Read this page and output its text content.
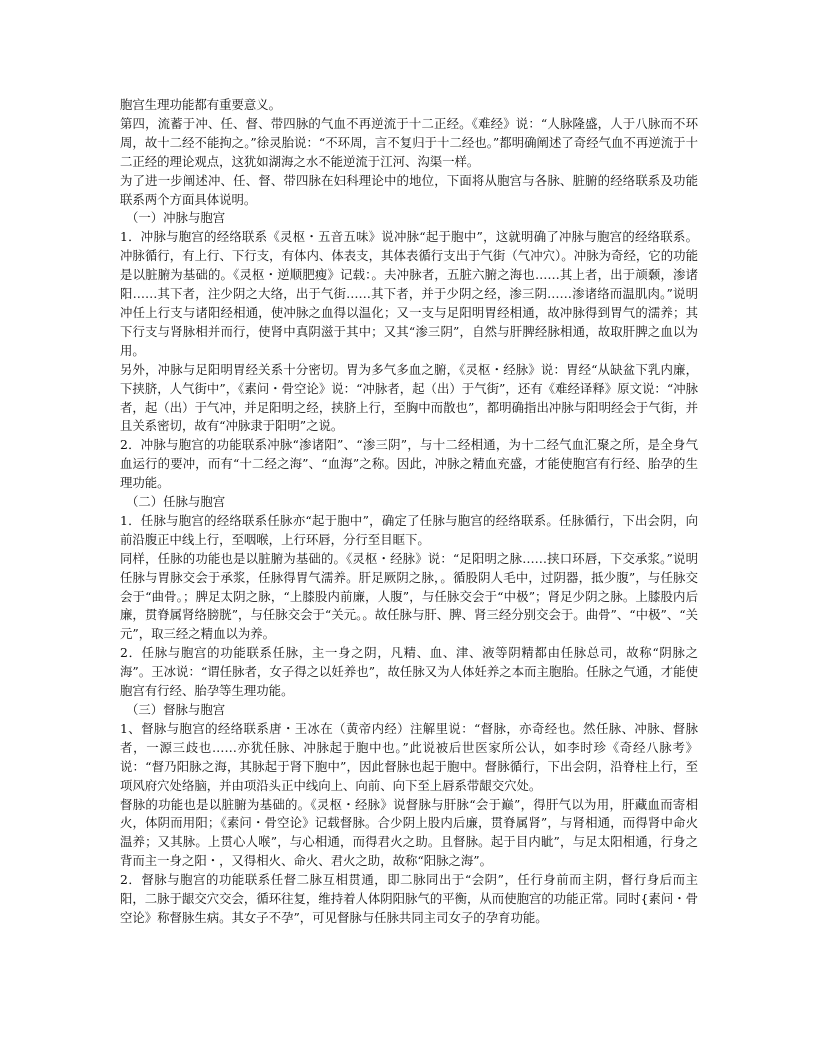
胞宫生理功能都有重要意义。

第四，流蓄于冲、任、督、带四脉的气血不再逆流于十二正经。《难经》说：“人脉隆盛，人于八脉而不环周，故十二经不能拘之。”徐灵胎说：“不环周，言不复归于十二经也。”都明确阐述了奇经气血不再逆流于十二正经的理论观点，这犹如湖海之水不能逆流于江河、沟渠一样。

为了进一步阐述冲、任、督、带四脉在妇科理论中的地位，下面将从胞宫与各脉、脏腑的经络联系及功能联系两个方面具体说明。

（一）冲脉与胞宫

1．冲脉与胞宫的经络联系《灵枢・五音五味》说冲脉“起于胞中”，这就明确了冲脉与胞宫的经络联系。冲脉循行，有上行、下行支，有体内、体表支，其体表循行支出于气街（气冲穴）。冲脉为奇经，它的功能是以脏腑为基础的。《灵枢・逆顺肥瘦》记载：。夫冲脉者，五脏六腑之海也……其上者，出于颃颡，渗诸阳……其下者，注少阴之大络，出于气街……其下者，并于少阴之经，渗三阴……渗诸络而温肌肉。”说明冲任上行支与诸阳经相通，使冲脉之血得以温化；又一支与足阳明胃经相通，故冲脉得到胃气的濡养；其下行支与肾脉相并而行，使肾中真阴滋于其中；又其“渗三阴”，自然与肝脾经脉相通，故取肝脾之血以为用。

另外，冲脉与足阳明胃经关系十分密切。胃为多气多血之腑，《灵枢・经脉》说：胃经“从缺盆下乳内廉，下挟脐，人气街中”，《素问・骨空论》说：“冲脉者，起（出）于气街”，还有《难经译释》原文说：“冲脉者，起（出）于气冲，并足阳明之经，挟脐上行，至胸中而散也”，都明确指出冲脉与阳明经会于气街，并且关系密切，故有“冲脉隶于阳明”之说。

2．冲脉与胞宫的功能联系冲脉“渗诸阳”、“渗三阴”，与十二经相通，为十二经气血汇聚之所，是全身气血运行的要冲，而有“十二经之海”、“血海”之称。因此，冲脉之精血充盛，才能使胞宫有行经、胎孕的生理功能。

（二）任脉与胞宫

1．任脉与胞宫的经络联系任脉亦“起于胞中”，确定了任脉与胞宫的经络联系。任脉循行，下出会阴，向前沿腹正中线上行，至咽喉，上行环唇，分行至目眶下。

同样，任脉的功能也是以脏腑为基础的。《灵枢・经脉》说：“足阳明之脉……挟口环唇，下交承浆。”说明任脉与胃脉交会于承浆，任脉得胃气濡养。肝足厥阴之脉，。循股阴人毛中，过阴器，抵少腹”，与任脉交会于“曲骨。；脾足太阴之脉，“上膝股内前廉，人腹”，与任脉交会于“中极”；肾足少阴之脉。上膝股内后廉，贯脊属肾络膀胱”，与任脉交会于“关元。。故任脉与肝、脾、肾三经分别交会于。曲骨”、“中极”、“关元”，取三经之精血以为养。

2．任脉与胞宫的功能联系任脉，主一身之阴，凡精、血、津、液等阴精都由任脉总司，故称“阴脉之海”。王冰说：“谓任脉者，女子得之以妊养也”，故任脉又为人体妊养之本而主胞胎。任脉之气通，才能使胞宫有行经、胎孕等生理功能。

（三）督脉与胞宫

1、督脉与胞宫的经络联系唐・王冰在（黄帝内经）注解里说：“督脉，亦奇经也。然任脉、冲脉、督脉者，一源三歧也……亦犹任脉、冲脉起于胞中也。”此说被后世医家所公认，如李时珍《奇经八脉考》说：“督乃阳脉之海，其脉起于肾下胞中”，因此督脉也起于胞中。督脉循行，下出会阴，沿脊柱上行，至项风府穴处络脑，并由项沿头正中线向上、向前、向下至上唇系带龈交穴处。

督脉的功能也是以脏腑为基础的。《灵枢・经脉》说督脉与肝脉“会于巅”，得肝气以为用，肝藏血而寄相火，体阴而用阳；《素问・骨空论》记载督脉。合少阴上股内后廉，贯脊属肾”，与肾相通，而得肾中命火温养；又其脉。上贯心人喉”，与心相通，而得君火之助。且督脉。起于目内眦”，与足太阳相通，行身之背而主一身之阳・，又得相火、命火、君火之助，故称“阳脉之海”。

2．督脉与胞宫的功能联系任督二脉互相贯通，即二脉同出于“会阴”，任行身前而主阴，督行身后而主阳，二脉于龈交穴交会，循环往复，维持着人体阴阳脉气的平衡，从而使胞宫的功能正常。同时{素问・骨空论》称督脉生病。其女子不孕”，可见督脉与任脉共同主司女子的孕育功能。
